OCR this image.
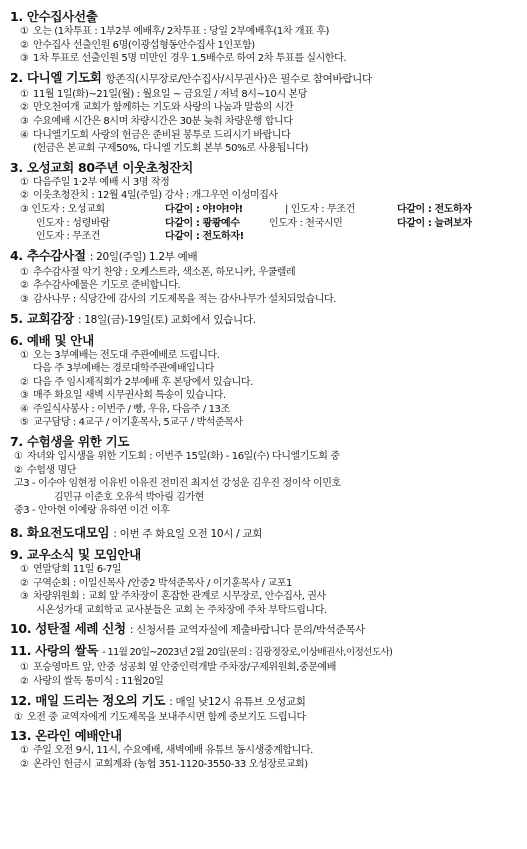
1. 안수집사선출
① 오는 (1차투표 : 1부2부 예배후/ 2차투표 : 당일 2부예배후(1차 개표 후)
② 안수집사 선출인원 6명(이광섭형동안수집사 1인포함)
③ 1차 투표로 선출인원 5명 미만인 경우 1.5배수로 하여 2차 투표를 실시한다.
2. 다니엘 기도회 항존직(시무장로/안수집사/시무권사)은 필수로 참여바랍니다
① 11월 1일(화)~21일(월) : 월요일 ~ 금요일 / 저녁 8시~10시 본당
② 만오천여개 교회가 함께하는 기도와 사랑의 나눔과 말씀의 시간
③ 수요예배 시간은 8시며 차량시간은 30분 늦춰 차량운행 합니다
④ 다니엘기도회 사랑의 헌금은 준비된 봉투로 드리시기 바랍니다
(헌금은 본교회 구제50%, 다니엘 기도회 본부 50%로 사용됩니다)
3. 오성교회 80주년 이웃초청잔치
① 다음주일 1·2부 예배 시 3명 작정
② 이웃초청잔치 : 12월 4일(주일) 강사 : 개그우먼 이성미집사
③ 인도자 : 오성교회	다같이 : 야!야!야!	| 인도자 : 무조건	다같이 : 전도하자
인도자 : 성령바람	다같이 : 쾅쾅예수	인도자 : 천국시민	다같이 : 늘려보자
인도자 : 무조건	다같이 : 전도하자!
4. 추수감사절 : 20일(주일) 1.2부 예배
① 추수감사절 악기 찬양 : 오케스트라, 색소폰, 하모니카, 우쿨렐레
② 추수감사예물은 기도로 준비합니다.
③ 감사나무 : 식당간에 감사의 기도제목을 적는 감사나무가 설치되었습니다.
5. 교회감장 : 18일(금)-19일(토) 교회에서 있습니다.
6. 예배 및 안내
① 오는 3부예배는 전도대 주관예배로 드립니다.
다음 주 3부예배는 경로대학주관예배입니다
② 다음 주 임시제직회가 2부예배 후 본당에서 있습니다.
③ 매주 화요일 새벽 시무권사회 특송이 있습니다.
④ 주일식사봉사 : 이번주 / 빵, 우유, 다음주 / 13조
⑤ 교구담당 : 4교구 / 이기훈목사, 5교구 / 박석준목사
7. 수험생을 위한 기도
① 자녀와 입시생을 위한 기도회 : 이번주 15일(화) - 16일(수) 다니엘기도회 중
② 수험생 명단
고3 - 이수아 임현정 이유빈 이유진 전미진 최지선 강성운 김우진 정이삭 이민호
김민규 이준호 오유석 박아림 김가현
중3 - 안아현 이예랑 유하연 이건 이후
8. 화요전도대모임 : 이번 주 화요일 오전 10시 / 교회
9. 교우소식 및 모임안내
① 연말당회 11일 6-7일
② 구역순회 : 이일신목사 /안중2 박석준목사 / 이기훈목사 / 교포1
③ 차량위원회 : 교회 앞 주차장이 혼잡한 관계로 시무장로, 안수집사, 권사
시온성가대 교회학교 교사분들은 교회 논 주차장에 주차 부탁드립니다.
10. 성탄절 세례 신청 : 신청서를 교역자실에 제출바랍니다 문의/박석준목사
11. 사랑의 쌀독 - 11월 20일~2023년 2월 20일(문의 : 김광정장로,이상배권사,이정선도사)
① 포승영마트 앞, 안중 성공회 옆 안중인력개발 주차장/구제위원회,중문예배
② 사랑의 쌀독 통미식 : 11월20일
12. 매일 드리는 정오의 기도 : 매일 낮12시 유튜브 오성교회
① 오전 중 교역자에게 기도제목을 보내주시면 함께 중보기도 드립니다
13. 온라인 예배안내
① 주일 오전 9시, 11시, 수요예배, 새벽예배 유튜브 동시생중계합니다.
② 온라인 헌금시 교회계좌 (농협 351-1120-3550-33 오성장로교회)
